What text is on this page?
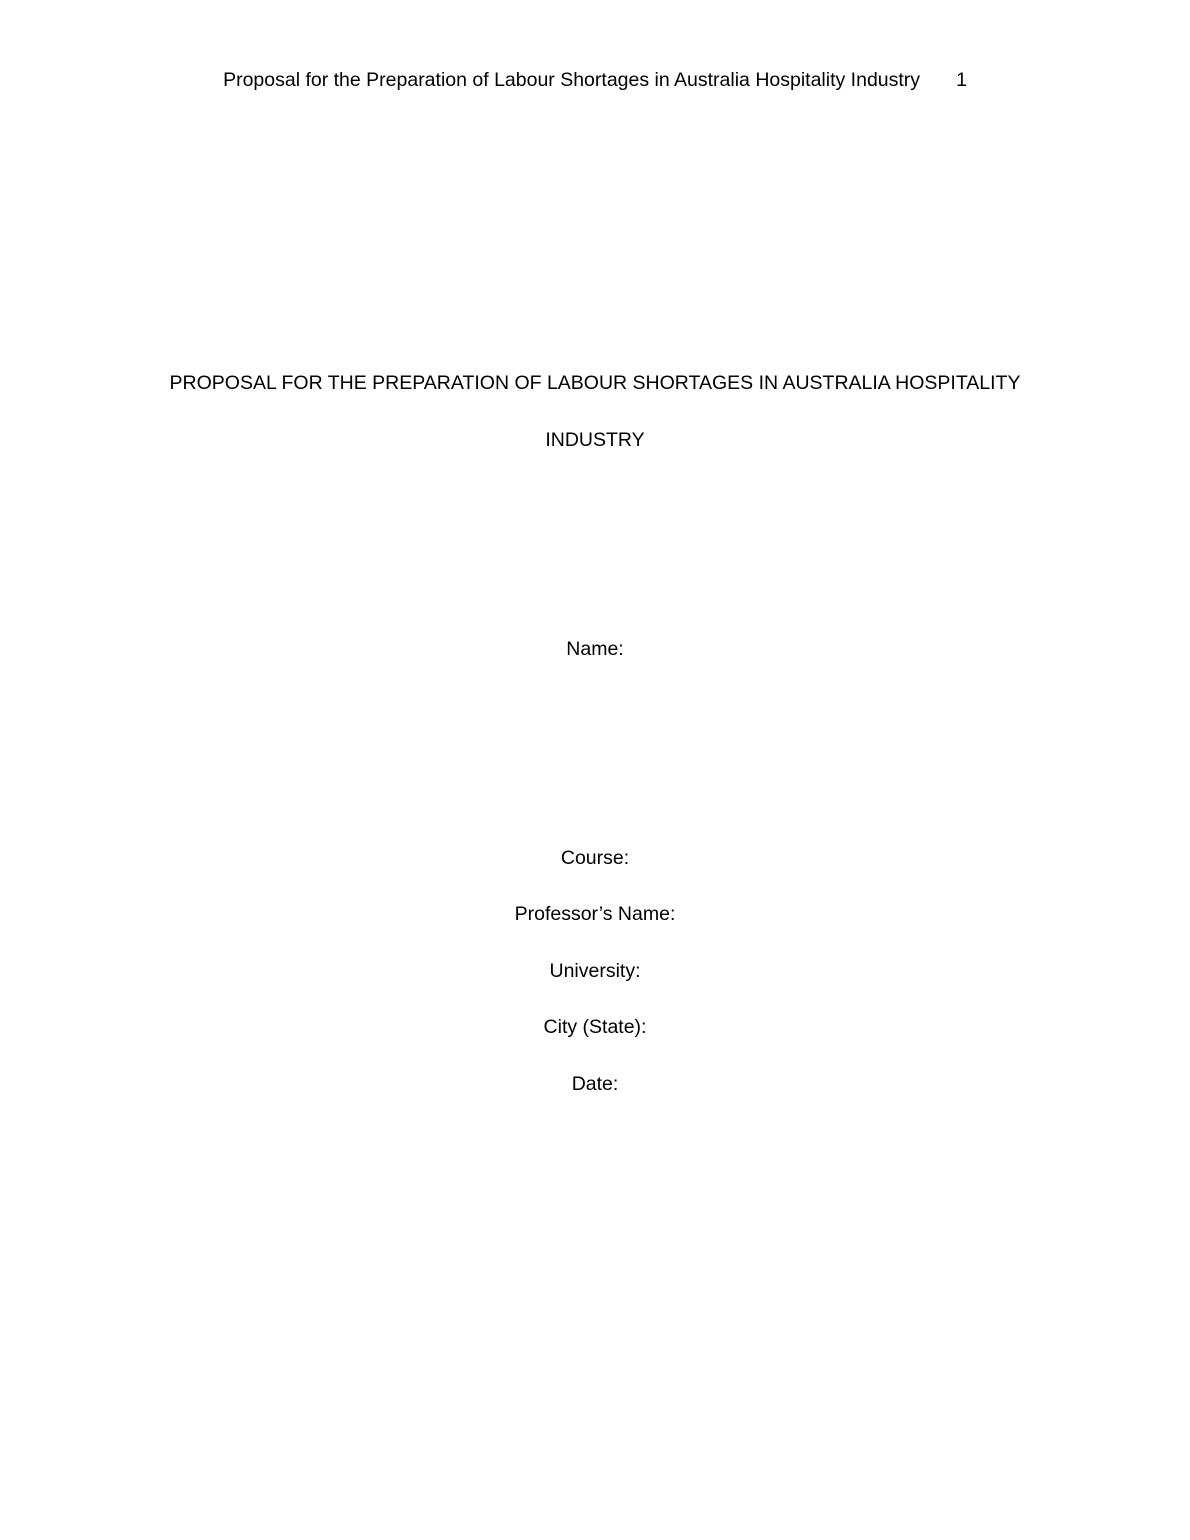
Proposal for the Preparation of Labour Shortages in Australia Hospitality Industry 1
PROPOSAL FOR THE PREPARATION OF LABOUR SHORTAGES IN AUSTRALIA HOSPITALITY
INDUSTRY
Name:
Course:
Professor’s Name:
University:
City (State):
Date:
